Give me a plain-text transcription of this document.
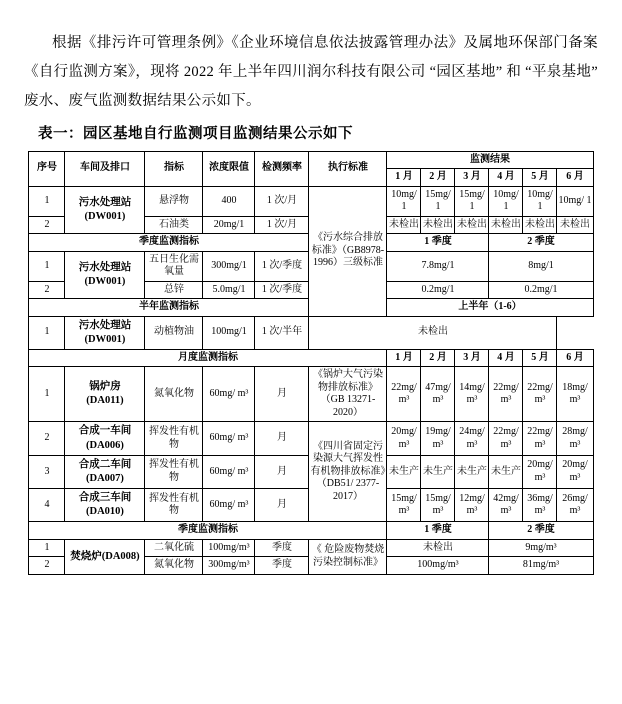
根据《排污许可管理条例》《企业环境信息依法披露管理办法》及属地环保部门备案《自行监测方案》，现将 2022 年上半年四川润尔科技有限公司 “园区基地” 和 “平泉基地” 废水、废气监测数据结果公示如下。

表一：园区基地自行监测项目监测结果公示如下
序号	车间及排口	指标	浓度限值	检测频率	执行标准	监测结果					
						1 月	2 月	3 月	4 月	5 月	6 月
1	污水处理站
(DW001)	悬浮物	400	1 次/月	《污水综合排放标准》（GB8978-1996）三级标准	10mg/ 1	15mg/ 1	15mg/ 1	10mg/ 1	10mg/ 1	10mg/ 1
2		石油类	20mg/1	1 次/月		未检出	未检出	未检出	未检出	未检出	未检出
季度监测指标						1 季度			2 季度		
1	污水处理站
(DW001)	五日生化需氧量	300mg/1	1 次/季度		7.8mg/1			8mg/1		
2		总锌	5.0mg/1	1 次/季度		0.2mg/1			0.2mg/1		
半年监测指标						上半年（1-6）					
1	污水处理站
(DW001)	动植物油	100mg/1	1 次/半年	未检出						
月度监测指标						1 月	2 月	3 月	4 月	5 月	6 月
1	锅炉房
(DA011)	氮氧化物	60mg/ m³	月	《锅炉大气污染物排放标准》（GB 13271-2020）	22mg/ m³	47mg/ m³	14mg/ m³	22mg/ m³	22mg/ m³	18mg/ m³
2	合成一车间
(DA006)	挥发性有机物	60mg/ m³	月	《四川省固定污染源大气挥发性有机物排放标准》（DB51/ 2377-2017）	20mg/ m³	19mg/ m³	24mg/ m³	22mg/ m³	22mg/ m³	28mg/ m³
3	合成二车间
(DA007)	挥发性有机物	60mg/ m³	月		未生产	未生产	未生产	未生产	20mg/ m³	20mg/ m³
4	合成三车间
(DA010)	挥发性有机物	60mg/ m³	月		15mg/ m³	15mg/ m³	12mg/ m³	42mg/ m³	36mg/ m³	26mg/ m³
季度监测指标						1 季度			2 季度		
1	焚烧炉(DA008)	二氧化硫	100mg/m³	季度	《 危险废物焚烧污染控制标准》	未检出			9mg/m³		
2		氮氧化物	300mg/m³	季度		100mg/m³			81mg/m³		
